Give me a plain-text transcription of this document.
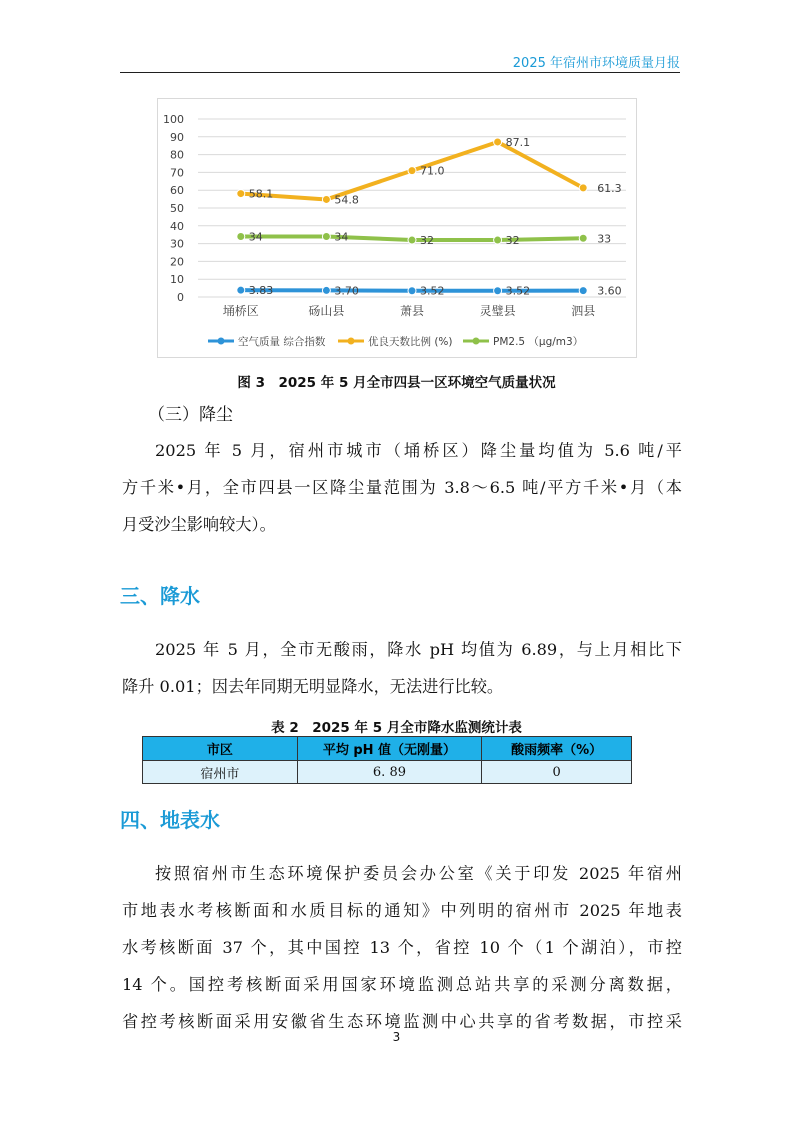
2025 年宿州市环境质量月报
0
10
20
30
40
50
60
70
80
90
100
埇桥区	砀山县	萧县	灵璧县	泗县
3.83	3.70	3.52	3.52	3.60
58.1	54.8
71.0
87.1
61.3
34	34	32	32	33
空气质量 综合指数	优良天数比例 (%)	PM2.5 （μg/m3）
图 3　2025 年 5 月全市四县一区环境空气质量状况
（三）降尘
2025 年 5 月，宿州市城市（埇桥区）降尘量均值为 5.6 吨/平
方千米•月，全市四县一区降尘量范围为 3.8～6.5 吨/平方千米•月（本
月受沙尘影响较大）。
三、降水
2025 年 5 月，全市无酸雨，降水 pH 均值为 6.89，与上月相比下
降升 0.01；因去年同期无明显降水，无法进行比较。
表 2　2025 年 5 月全市降水监测统计表
市区	平均 pH 值（无刚量）	酸雨频率（%）
宿州市	6. 89	0
四、地表水
按照宿州市生态环境保护委员会办公室《关于印发 2025 年宿州
市地表水考核断面和水质目标的通知》中列明的宿州市 2025 年地表
水考核断面 37 个，其中国控 13 个，省控 10 个（1 个湖泊），市控
14 个。国控考核断面采用国家环境监测总站共享的采测分离数据，
省控考核断面采用安徽省生态环境监测中心共享的省考数据，市控采
3
